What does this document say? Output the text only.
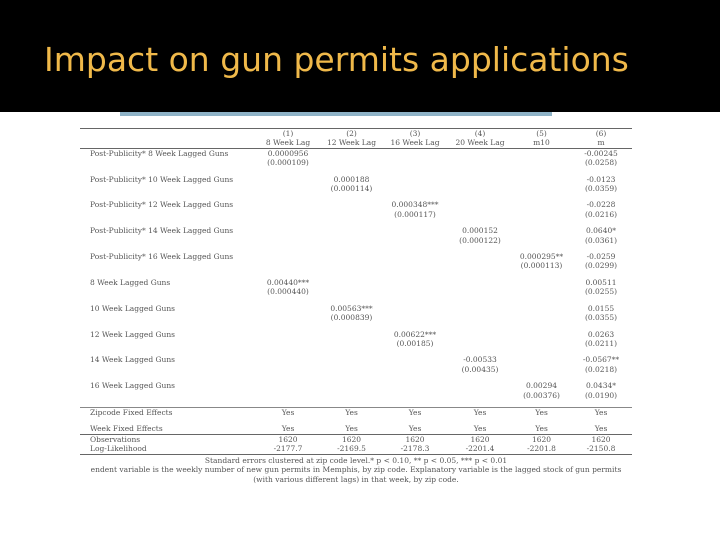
Impact on gun permits applications
	(1)	(2)	(3)	(4)	(5)	(6)
	8 Week Lag	12 Week Lag	16 Week Lag	20 Week Lag	m10	m
Post-Publicity* 8 Week Lagged Guns	0.0000956					-0.00245
	(0.000109)					(0.0258)

Post-Publicity* 10 Week Lagged Guns		0.000188				-0.0123
		(0.000114)				(0.0359)

Post-Publicity* 12 Week Lagged Guns			0.000348***			-0.0228
			(0.000117)			(0.0216)

Post-Publicity* 14 Week Lagged Guns				0.000152		0.0640*
				(0.000122)		(0.0361)

Post-Publicity* 16 Week Lagged Guns					0.000295**	-0.0259
					(0.000113)	(0.0299)

8 Week Lagged Guns	0.00440***					0.00511
	(0.000440)					(0.0255)

10 Week Lagged Guns		0.00563***				0.0155
		(0.000839)				(0.0355)

12 Week Lagged Guns			0.00622***			0.0263
			(0.00185)			(0.0211)

14 Week Lagged Guns				-0.00533		-0.0567**
				(0.00435)		(0.0218)

16 Week Lagged Guns					0.00294	0.0434*
					(0.00376)	(0.0190)

Zipcode Fixed Effects	Yes	Yes	Yes	Yes	Yes	Yes

Week Fixed Effects	Yes	Yes	Yes	Yes	Yes	Yes
Observations	1620	1620	1620	1620	1620	1620
Log-Likelihood	-2177.7	-2169.5	-2178.3	-2201.4	-2201.8	-2150.8
Standard errors clustered at zip code level.* p < 0.10, ** p < 0.05, *** p < 0.01
endent variable is the weekly number of new gun permits in Memphis, by zip code. Explanatory variable is the lagged stock of gun permits
(with various different lags) in that week, by zip code.
